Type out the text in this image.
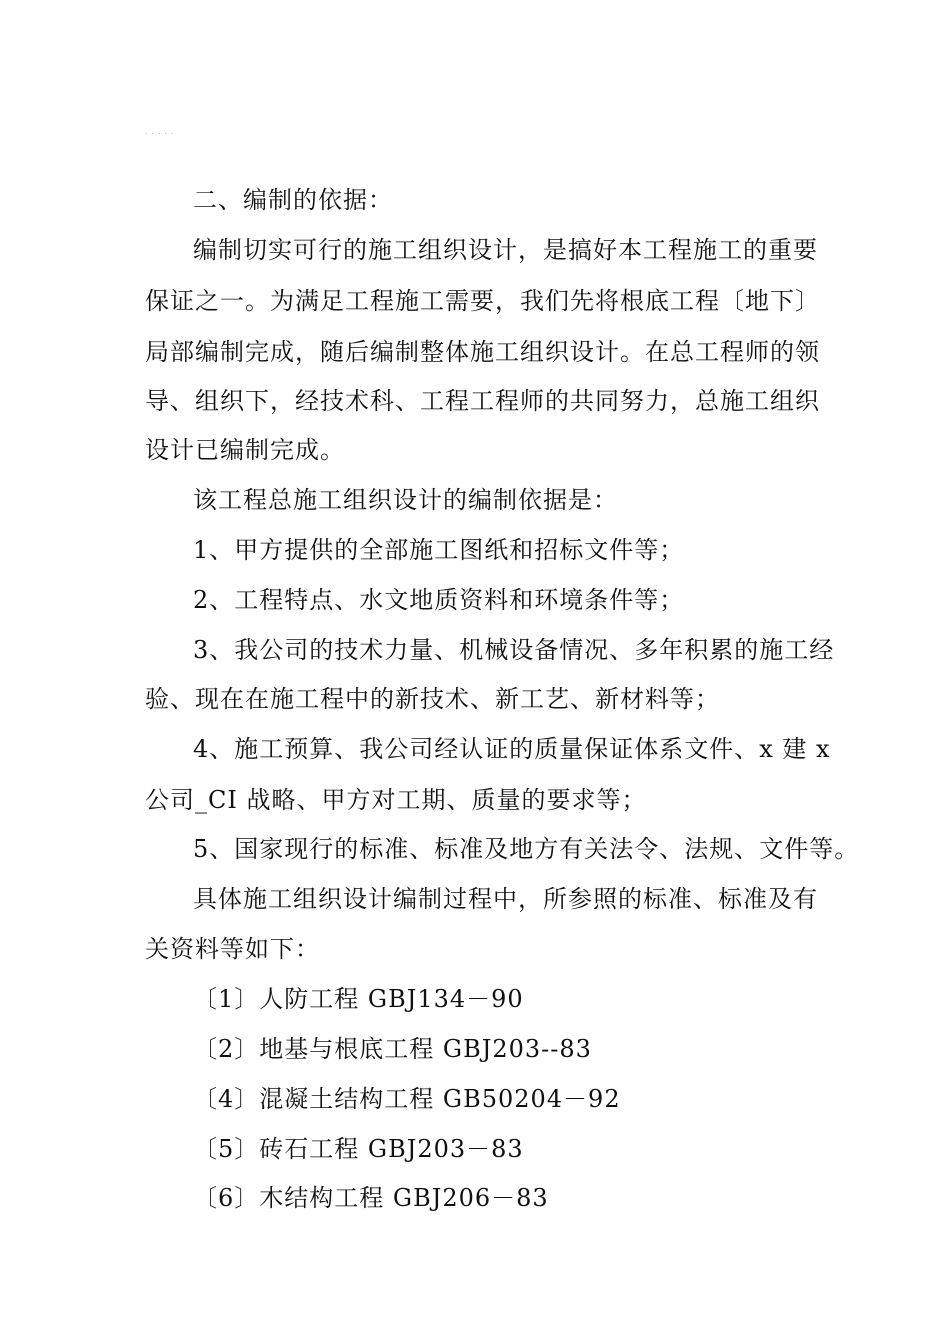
· · · · ·
二、编制的依据：
编制切实可行的施工组织设计，是搞好本工程施工的重要
保证之一。为满足工程施工需要，我们先将根底工程〔地下〕
局部编制完成，随后编制整体施工组织设计。在总工程师的领
导、组织下，经技术科、工程工程师的共同努力，总施工组织
设计已编制完成。
该工程总施工组织设计的编制依据是：
1、甲方提供的全部施工图纸和招标文件等；
2、工程特点、水文地质资料和环境条件等；
3、我公司的技术力量、机械设备情况、多年积累的施工经
验、现在在施工程中的新技术、新工艺、新材料等；
4、施工预算、我公司经认证的质量保证体系文件、x 建 x
公司_CI 战略、甲方对工期、质量的要求等；
5、国家现行的标准、标准及地方有关法令、法规、文件等。
具体施工组织设计编制过程中，所参照的标准、标准及有
关资料等如下：
〔1〕人防工程 GBJ134－90
〔2〕地基与根底工程 GBJ203--83
〔4〕混凝土结构工程 GB50204－92
〔5〕砖石工程 GBJ203－83
〔6〕木结构工程 GBJ206－83
